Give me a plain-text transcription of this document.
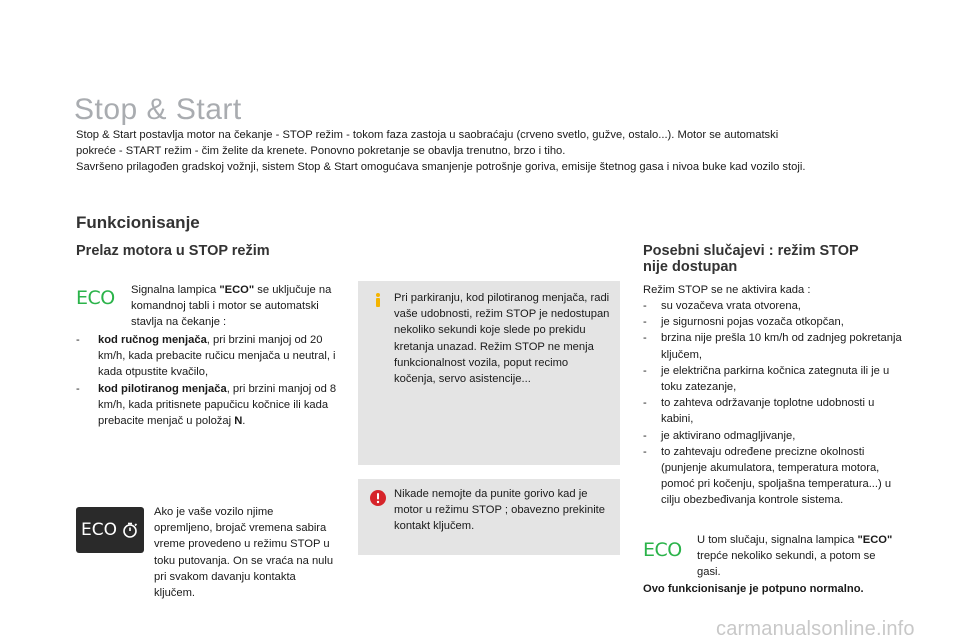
Stop & Start

Stop & Start postavlja motor na čekanje - STOP režim - tokom faza zastoja u saobraćaju (crveno svetlo, gužve, ostalo...). Motor se automatski

pokreće - START režim - čim želite da krenete. Ponovno pokretanje se obavlja trenutno, brzo i tiho.

Savršeno prilagođen gradskoj vožnji, sistem Stop & Start omogućava smanjenje potrošnje goriva, emisije štetnog gasa i nivoa buke kad vozilo stoji.

Funkcionisanje
Prelaz motora u STOP režim
ECO	Signalna lampica "ECO" se uključuje na komandnoj tabli i motor se automatski stavlja na čekanje :
-	kod ručnog menjača, pri brzini manjoj od 20 km/h, kada prebacite ručicu menjača u neutral, i kada otpustite kvačilo,
-	kod pilotiranog menjača, pri brzini manjoj od 8 km/h, kada pritisnete papučicu kočnice ili kada prebacite menjač u položaj N.
ECO
Ako je vaše vozilo njime opremljeno, brojač vremena sabira vreme provedeno u režimu STOP u toku putovanja. On se vraća na nulu pri svakom davanju kontakta ključem.
Pri parkiranju, kod pilotiranog menjača, radi vaše udobnosti, režim STOP je nedostupan nekoliko sekundi koje slede po prekidu kretanja unazad. Režim STOP ne menja funkcionalnost vozila, poput recimo kočenja, servo asistencije...
Nikade nemojte da punite gorivo kad je motor u režimu STOP ; obavezno prekinite kontakt ključem.
Posebni slučajevi : režim STOP
nije dostupan
Režim STOP se ne aktivira kada :
-	su vozačeva vrata otvorena,
-	je sigurnosni pojas vozača otkopčan,
-	brzina nije prešla 10 km/h od zadnjeg pokretanja ključem,
-	je električna parkirna kočnica zategnuta ili je u toku zatezanje,
-	to zahteva održavanje toplotne udobnosti u kabini,
-	je aktivirano odmagljivanje,
-	to zahtevaju određene precizne okolnosti (punjenje akumulatora, temperatura motora, pomoć pri kočenju, spoljašna temperatura...) u cilju obezbeđivanja kontrole sistema.
ECO	U tom slučaju, signalna lampica "ECO" trepće nekoliko sekundi, a potom se gasi.
Ovo funkcionisanje je potpuno normalno.
carmanualsonline.info
